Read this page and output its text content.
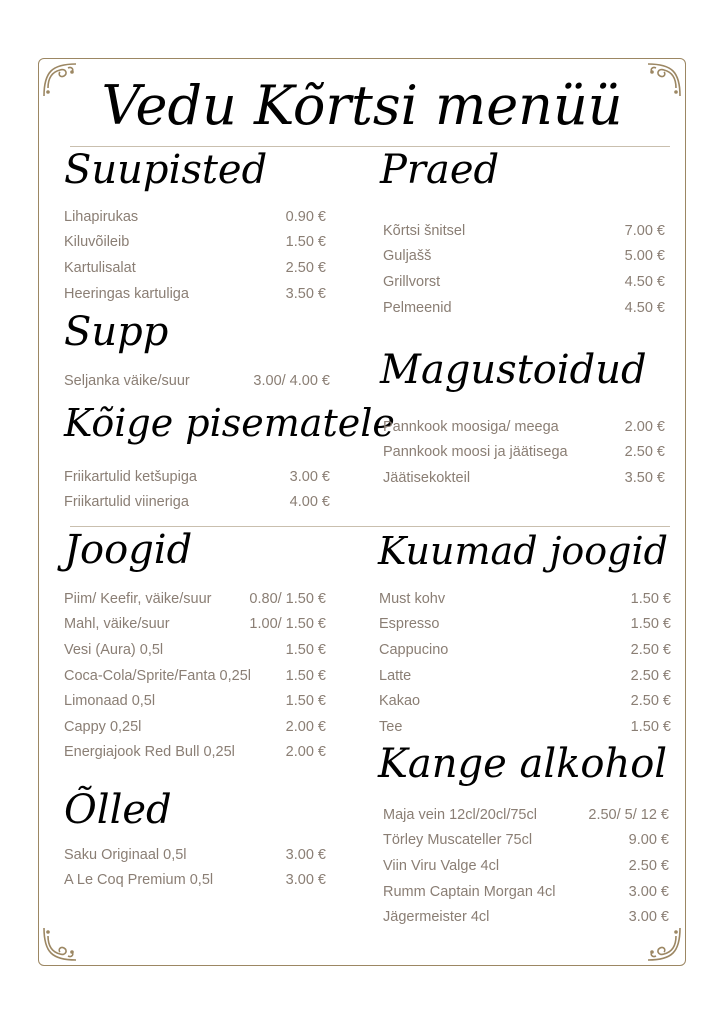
Vedu Kõrtsi menüü
Suupisted
Lihapirukas	0.90 €
Kiluvõileib	1.50 €
Kartulisalat	2.50 €
Heeringas kartuliga	3.50 €
Supp
Seljanka väike/suur	3.00/ 4.00 €
Kõige pisematele
Friikartulid ketšupiga	3.00 €
Friikartulid viineriga	4.00 €
Joogid
Piim/ Keefir, väike/suur	0.80/ 1.50 €
Mahl, väike/suur	1.00/ 1.50 €
Vesi (Aura) 0,5l	1.50 €
Coca-Cola/Sprite/Fanta 0,25l 1.50 €
Limonaad 0,5l	1.50 €
Cappy 0,25l	2.00 €
Energiajook Red Bull 0,25l	2.00 €
Õlled
Saku Originaal 0,5l	3.00 €
A Le Coq Premium 0,5l	3.00 €
Praed
Kõrtsi šnitsel	7.00 €
Guljašš	5.00 €
Grillvorst	4.50 €
Pelmeenid	4.50 €
Magustoidud
Pannkook moosiga/ meega	2.00 €
Pannkook moosi ja jäätisega	2.50 €
Jäätisekokteil	3.50 €
Kuumad joogid
Must kohv	1.50 €
Espresso	1.50 €
Cappucino	2.50 €
Latte	2.50 €
Kakao	2.50 €
Tee	1.50 €
Kange alkohol
Maja vein 12cl/20cl/75cl	2.50/ 5/ 12 €
Törley Muscateller 75cl	9.00 €
Viin Viru Valge 4cl	2.50 €
Rumm Captain Morgan 4cl	3.00 €
Jägermeister 4cl	3.00 €
